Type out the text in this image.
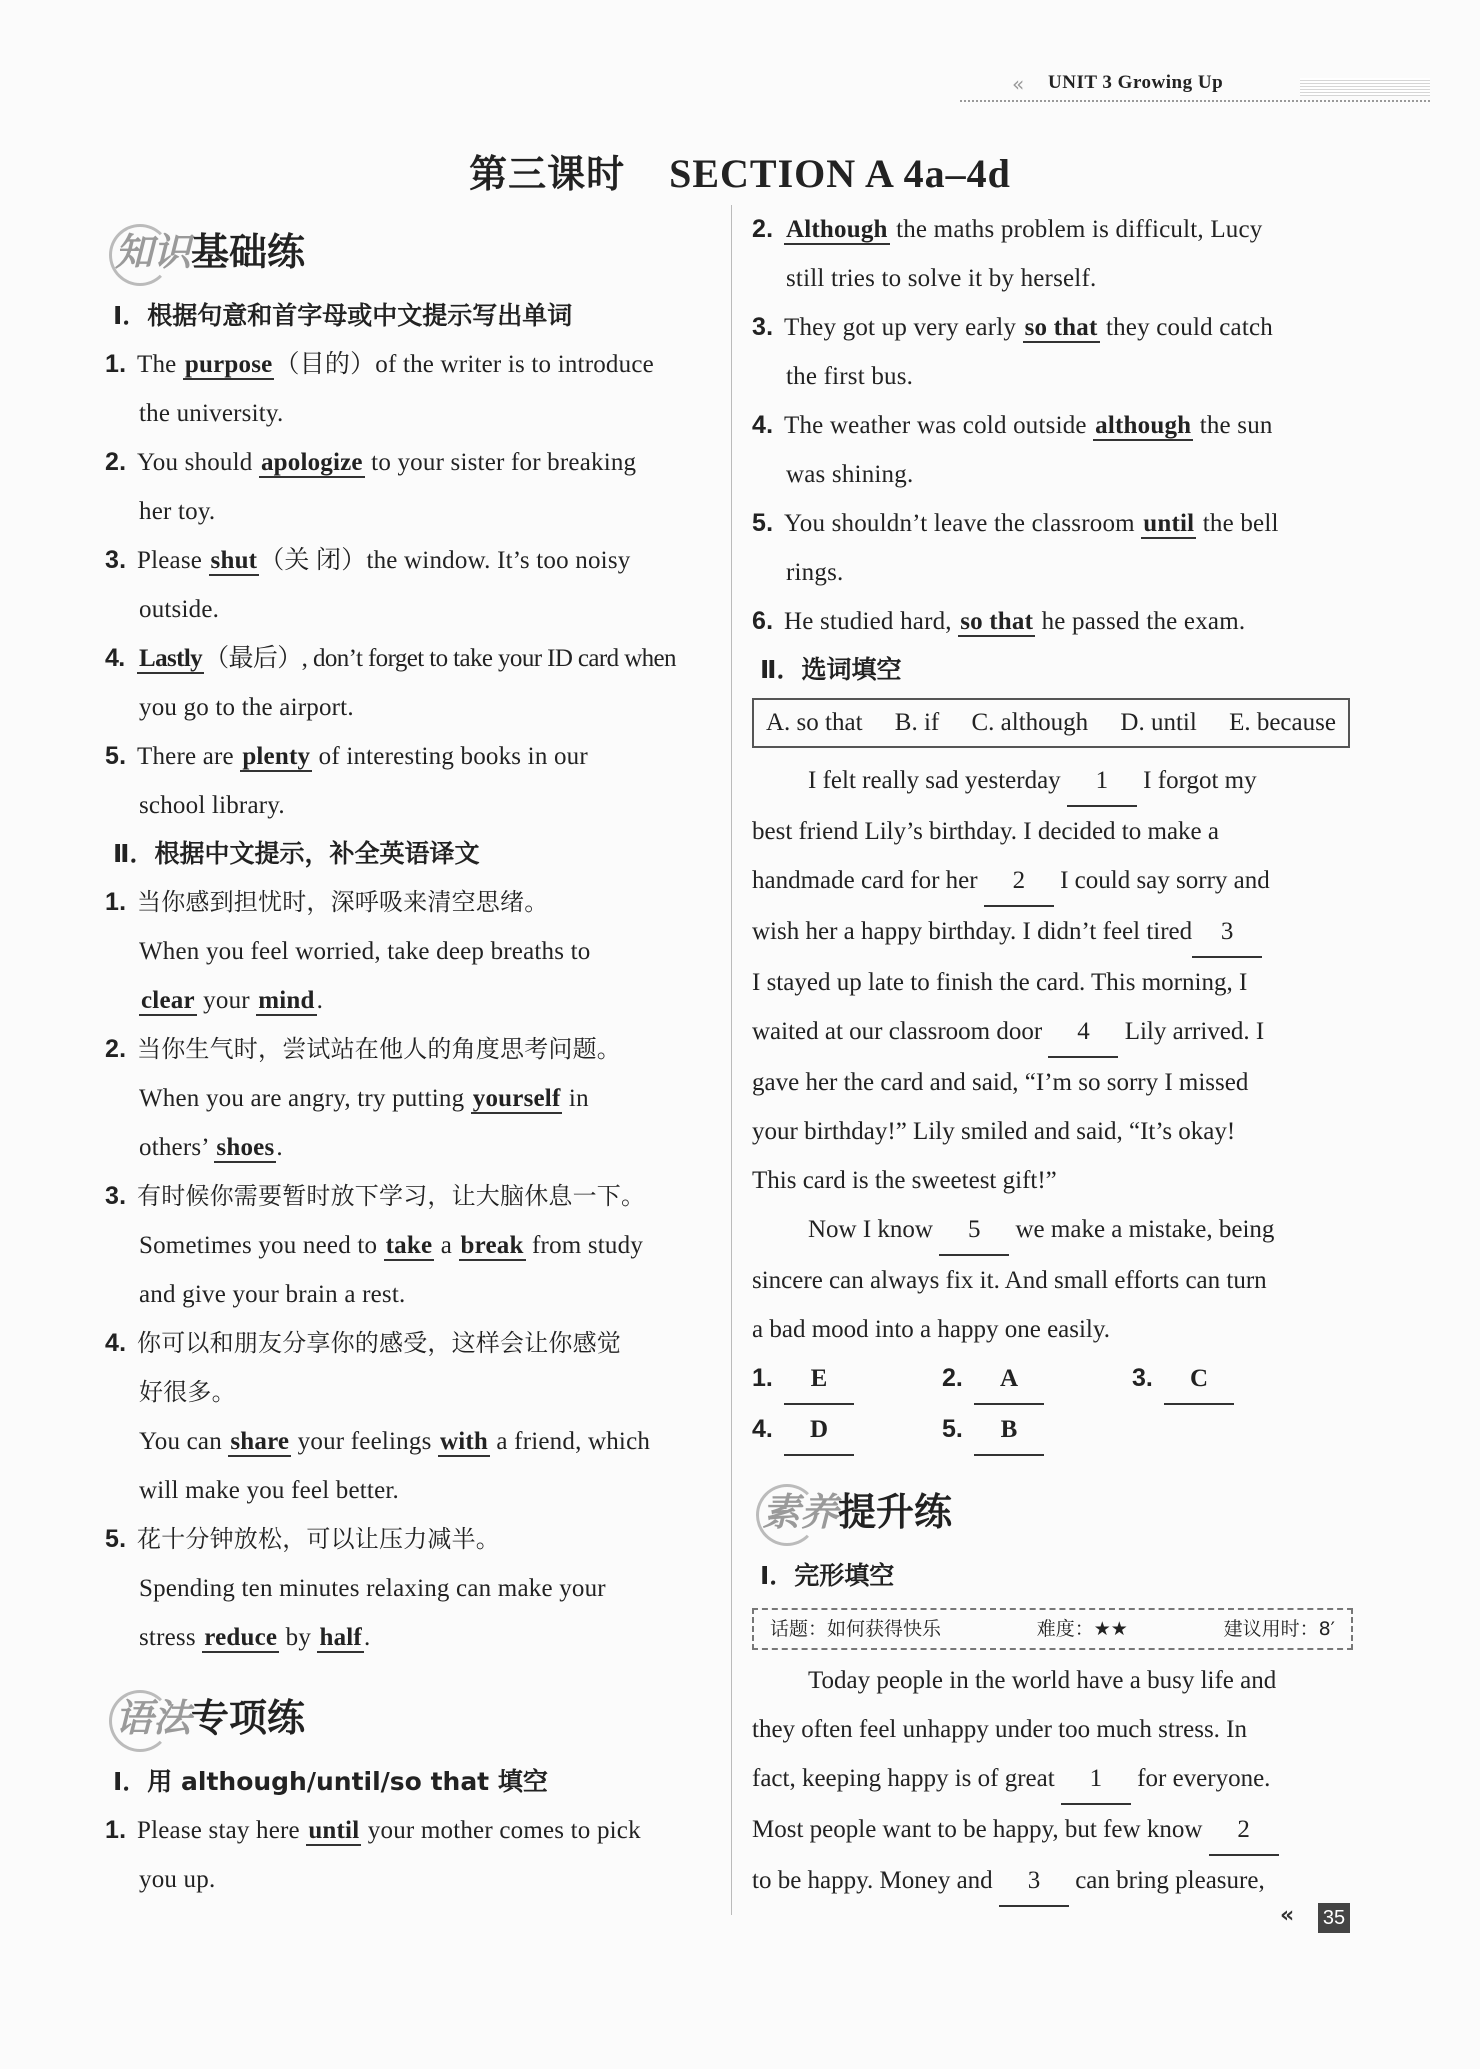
« UNIT 3 Growing Up
第三课时 SECTION A 4a–4d
知识基础练
Ⅰ．根据句意和首字母或中文提示写出单词
1. The purpose（目的）of the writer is to introduce
the university.
2. You should apologize to your sister for breaking
her toy.
3. Please shut（关 闭）the window. It’s too noisy
outside.
4. Lastly（最后）, don’t forget to take your ID card when
you go to the airport.
5. There are plenty of interesting books in our
school library.
Ⅱ．根据中文提示，补全英语译文
1. 当你感到担忧时，深呼吸来清空思绪。
When you feel worried, take deep breaths to
clear your mind.
2. 当你生气时，尝试站在他人的角度思考问题。
When you are angry, try putting yourself in
others’ shoes.
3. 有时候你需要暂时放下学习，让大脑休息一下。
Sometimes you need to take a break from study
and give your brain a rest.
4. 你可以和朋友分享你的感受，这样会让你感觉
好很多。
You can share your feelings with a friend, which
will make you feel better.
5. 花十分钟放松，可以让压力减半。
Spending ten minutes relaxing can make your
stress reduce by half.
语法专项练
Ⅰ．用 although/until/so that 填空
1. Please stay here until your mother comes to pick
you up.
2. Although the maths problem is difficult, Lucy
still tries to solve it by herself.
3. They got up very early so that they could catch
the first bus.
4. The weather was cold outside although the sun
was shining.
5. You shouldn’t leave the classroom until the bell
rings.
6. He studied hard, so that he passed the exam.
Ⅱ．选词填空
A. so that B. if C. although D. until E. because
I felt really sad yesterday 1 I forgot my
best friend Lily’s birthday. I decided to make a
handmade card for her 2 I could say sorry and
wish her a happy birthday. I didn’t feel tired 3
I stayed up late to finish the card. This morning, I
waited at our classroom door 4 Lily arrived. I
gave her the card and said, “I’m so sorry I missed
your birthday!” Lily smiled and said, “It’s okay!
This card is the sweetest gift!”
Now I know 5 we make a mistake, being
sincere can always fix it. And small efforts can turn
a bad mood into a happy one easily.
1. E	2. A	3. C
4. D	5. B
素养提升练
Ⅰ．完形填空
话题：如何获得快乐	难度：★★	建议用时：8′
Today people in the world have a busy life and
they often feel unhappy under too much stress. In
fact, keeping happy is of great 1 for everyone.
Most people want to be happy, but few know 2
to be happy. Money and 3 can bring pleasure,
« 35
